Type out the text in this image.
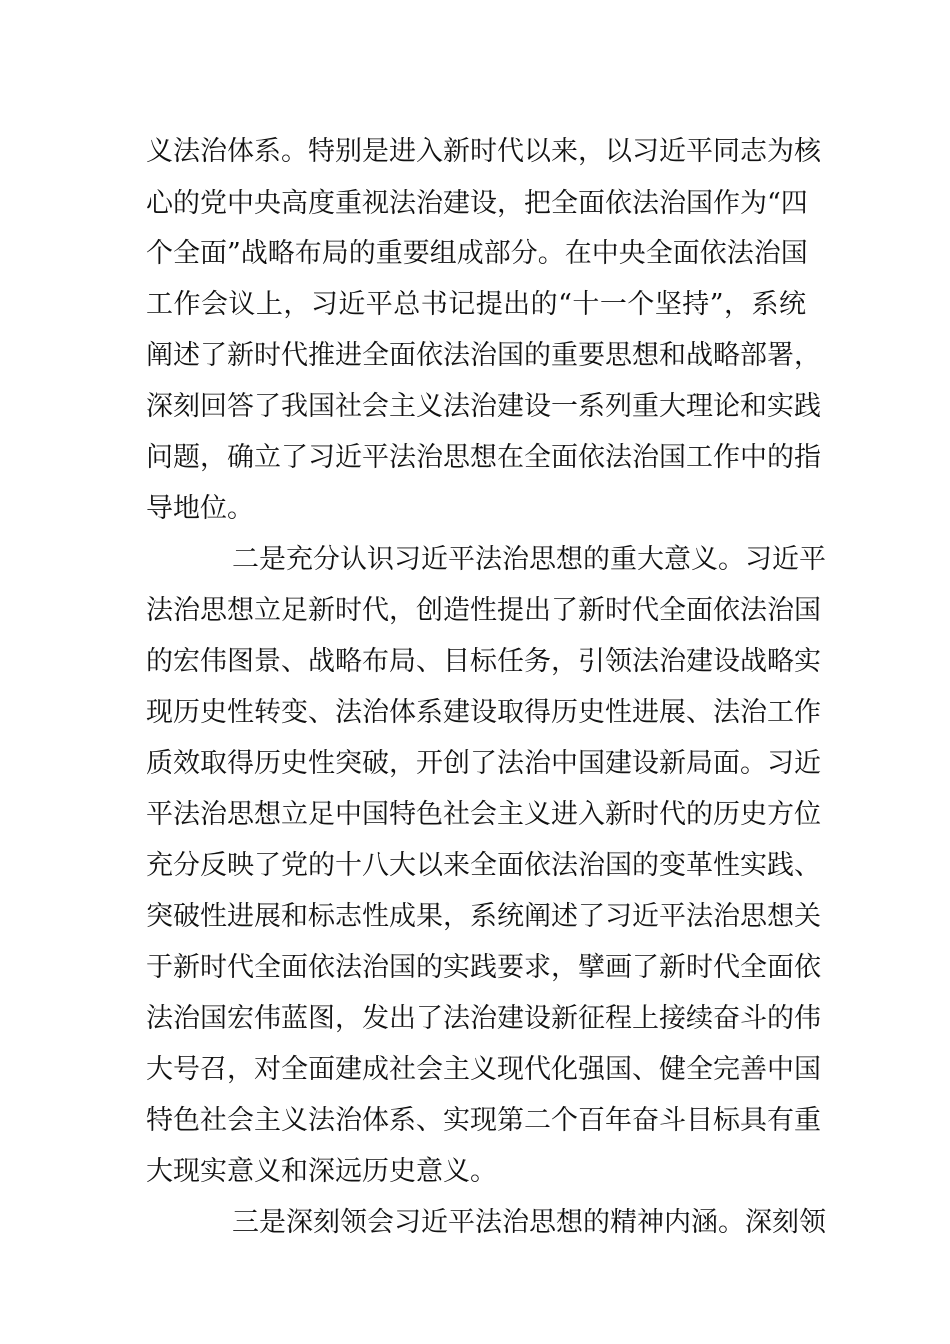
义法治体系。特别是进入新时代以来，以习近平同志为核
心的党中央高度重视法治建设，把全面依法治国作为“四
个全面”战略布局的重要组成部分。在中央全面依法治国
工作会议上，习近平总书记提出的“十一个坚持”，系统
阐述了新时代推进全面依法治国的重要思想和战略部署，
深刻回答了我国社会主义法治建设一系列重大理论和实践
问题，确立了习近平法治思想在全面依法治国工作中的指
导地位。
二是充分认识习近平法治思想的重大意义。习近平
法治思想立足新时代，创造性提出了新时代全面依法治国
的宏伟图景、战略布局、目标任务，引领法治建设战略实
现历史性转变、法治体系建设取得历史性进展、法治工作
质效取得历史性突破，开创了法治中国建设新局面。习近
平法治思想立足中国特色社会主义进入新时代的历史方位
充分反映了党的十八大以来全面依法治国的变革性实践、
突破性进展和标志性成果，系统阐述了习近平法治思想关
于新时代全面依法治国的实践要求，擘画了新时代全面依
法治国宏伟蓝图，发出了法治建设新征程上接续奋斗的伟
大号召，对全面建成社会主义现代化强国、健全完善中国
特色社会主义法治体系、实现第二个百年奋斗目标具有重
大现实意义和深远历史意义。
三是深刻领会习近平法治思想的精神内涵。深刻领
